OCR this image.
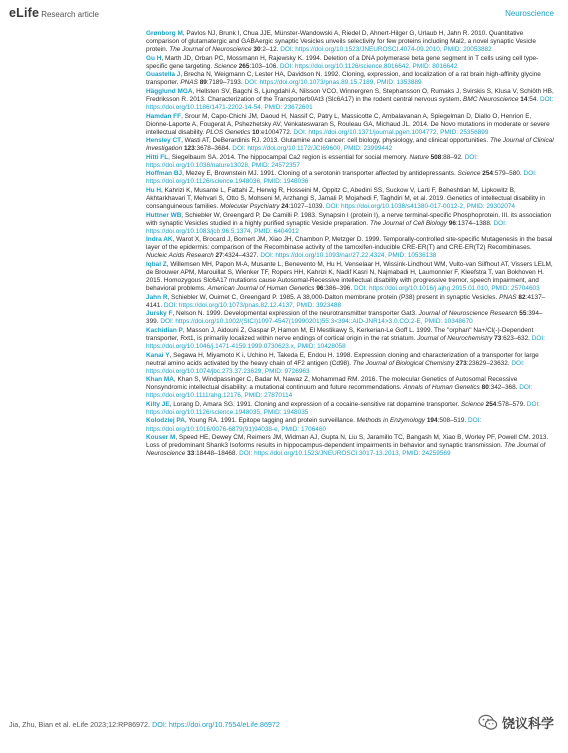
eLife Research article	Neuroscience

Grønborg M, Pavlos NJ, Brunk I, Chua JJE, Münster-Wandowski A, Riedel D, Ahnert-Hilger G, Urlaub H, Jahn R. 2010. Quantitative comparison of glutamatergic and GABAergic synaptic Vesicles unveils selectivity for few proteins including Mal2, a novel synaptic Vesicle protein. The Journal of Neuroscience 30:2–12. DOI: https://doi.org/10.1523/JNEUROSCI.4074-09.2010, PMID: 20053882

Gu H, Marth JD, Orban PC, Mossmann H, Rajewsky K. 1994. Deletion of a DNA polymerase beta gene segment in T cells using cell type-specific gene targeting. Science 265:103–106. DOI: https://doi.org/10.1126/science.8016642, PMID: 8016642

Guastella J, Brecha N, Weigmann C, Lester HA, Davidson N. 1992. Cloning, expression, and localization of a rat brain high-affinity glycine transporter. PNAS 89:7189–7193. DOI: https://doi.org/10.1073/pnas.89.15.7189, PMID: 1353889

Hägglund MGA, Hellsten SV, Bagchi S, Ljungdahl A, Nilsson VCO, Winnergren S, Stephansson O, Rumaks J, Svirskis S, Klusa V, Schiöth HB, Fredriksson R. 2013. Characterization of the Transporterb0At3 (Slc6A17) in the rodent central nervous system. BMC Neuroscience 14:54. DOI: https://doi.org/10.1186/1471-2202-14-54, PMID: 23672601

Hamdan FF, Srour M, Capo-Chichi JM, Daoud H, Nassif C, Patry L, Massicotte C, Ambalavanan A, Spiegelman D, Diallo O, Henrion E, Dionne-Laporte A, Fougerat A, Pshezhetsky AV, Venkateswaran S, Rouleau GA, Michaud JL. 2014. De Novo mutations in moderate or severe intellectual disability. PLOS Genetics 10:e1004772. DOI: https://doi.org/10.1371/journal.pgen.1004772, PMID: 25356899

Hensley CT, Wasti AT, DeBerardinis RJ. 2013. Glutamine and cancer: cell biology, physiology, and clinical opportunities. The Journal of Clinical Investigation 123:3678–3684. DOI: https://doi.org/10.1172/JCI69600, PMID: 23999442

Hitti FL, Siegelbaum SA. 2014. The hippocampal Ca2 region is essential for social memory. Nature 508:88–92. DOI: https://doi.org/10.1038/nature13028, PMID: 24572357

Hoffman BJ, Mezey E, Brownstein MJ. 1991. Cloning of a serotonin transporter affected by antidepressants. Science 254:579–580. DOI: https://doi.org/10.1126/science.1948036, PMID: 1948036

Hu H, Kahrizi K, Musante L, Fattahi Z, Herwig R, Hosseini M, Oppitz C, Abedini SS, Suckow V, Larti F, Beheshtian M, Lipkowitz B, Akhtarkhavari T, Mehvari S, Otto S, Mohseni M, Arzhangi S, Jamali P, Mojahedi F, Taghdiri M, et al. 2019. Genetics of intellectual disability in consanguineous families. Molecular Psychiatry 24:1027–1039. DOI: https://doi.org/10.1038/s41380-017-0012-2, PMID: 29302074

Huttner WB, Schiebler W, Greengard P, De Camilli P. 1983. Synapsin I (protein I), a nerve terminal-specific Phosphoprotein. III. its association with synaptic Vesicles studied in a highly purified synaptic Vesicle preparation. The Journal of Cell Biology 96:1374–1388. DOI: https://doi.org/10.1083/jcb.96.5.1374, PMID: 6404912

Indra AK, Warot X, Brocard J, Bornert JM, Xiao JH, Chambon P, Metzger D. 1999. Temporally-controlled site-specific Mutagenesis in the basal layer of the epidermis: comparison of the Recombinase activity of the tamoxifen-inducible CRE-ER(T) and CRE-ER(T2) Recombinases. Nucleic Acids Research 27:4324–4327. DOI: https://doi.org/10.1093/nar/27.22.4324, PMID: 10536138

Iqbal Z, Willemsen MH, Papon M-A, Musante L, Benevento M, Hu H, Venselaar H, Wissink-Lindhout WM, Vulto-van Silfhout AT, Vissers LELM, de Brouwer APM, Marouillat S, Wienker TF, Ropers HH, Kahrizi K, Nadif Kasri N, Najmabadi H, Laumonnier F, Kleefstra T, van Bokhoven H. 2015. Homozygous Slc6A17 mutations cause Autosomal-Recessive intellectual disability with progressive tremor, speech impairment, and behavioral problems. American Journal of Human Genetics 96:386–396. DOI: https://doi.org/10.1016/j.ajhg.2015.01.010, PMID: 25704603

Jahn R, Schiebler W, Ouimet C, Greengard P. 1985. A 38,000-Dalton membrane protein (P38) present in synaptic Vesicles. PNAS 82:4137–4141. DOI: https://doi.org/10.1073/pnas.82.12.4137, PMID: 3923488

Jursky F, Nelson N. 1999. Developmental expression of the neurotransmitter transporter Gat3. Journal of Neuroscience Research 55:394–399. DOI: https://doi.org/10.1002/(SICI)1097-4547(19990201)55:3<394::AID-JNR14>3.0.CO;2-E, PMID: 10348670

Kachidian P, Masson J, Aidouni Z, Gaspar P, Hamon M, El Mestikawy S, Kerkerian-Le Goff L. 1999. The "orphan" Na+/Cl(-)-Dependent transporter, Rxt1, is primarily localized within nerve endings of cortical origin in the rat striatum. Journal of Neurochemistry 73:623–632. DOI: https://doi.org/10.1046/j.1471-4159.1999.0730623.x, PMID: 10428058

Kanai Y, Segawa H, Miyamoto K i, Uchino H, Takeda E, Endou H. 1998. Expression cloning and characterization of a transporter for large neutral amino acids activated by the heavy chain of 4F2 antigen (Cd98). The Journal of Biological Chemistry 273:23629–23632. DOI: https://doi.org/10.1074/jbc.273.37.23629, PMID: 9726963

Khan MA, Khan S, Windpassinger C, Badar M, Nawaz Z, Mohammad RM. 2016. The molecular Genetics of Autosomal Recessive Nonsyndromic intellectual disability: a mutational continuum and future recommendations. Annals of Human Genetics 80:342–368. DOI: https://doi.org/10.1111/ahg.12176, PMID: 27870114

Kilty JE, Lorang D, Amara SG. 1991. Cloning and expression of a cocaine-sensitive rat dopamine transporter. Science 254:578–579. DOI: https://doi.org/10.1126/science.1948035, PMID: 1948035

Kolodziej PA, Young RA. 1991. Epitope tagging and protein surveillance. Methods in Enzymology 194:508–519. DOI: https://doi.org/10.1016/0076-6879(91)94038-e, PMID: 1706460

Kouser M, Speed HE, Dewey CM, Reimers JM, Widman AJ, Gupta N, Liu S, Jaramillo TC, Bangash M, Xiao B, Worley PF, Powell CM. 2013. Loss of predominant Shank3 Isoforms results in hippocampus-dependent impairments in behavior and synaptic transmission. The Journal of Neuroscience 33:18448–18468. DOI: https://doi.org/10.1523/JNEUROSCI.3017-13.2013, PMID: 24259569

Jia, Zhu, Bian et al. eLife 2023;12:RP86972. DOI: https://doi.org/10.7554/eLife.86972	饶议科学
